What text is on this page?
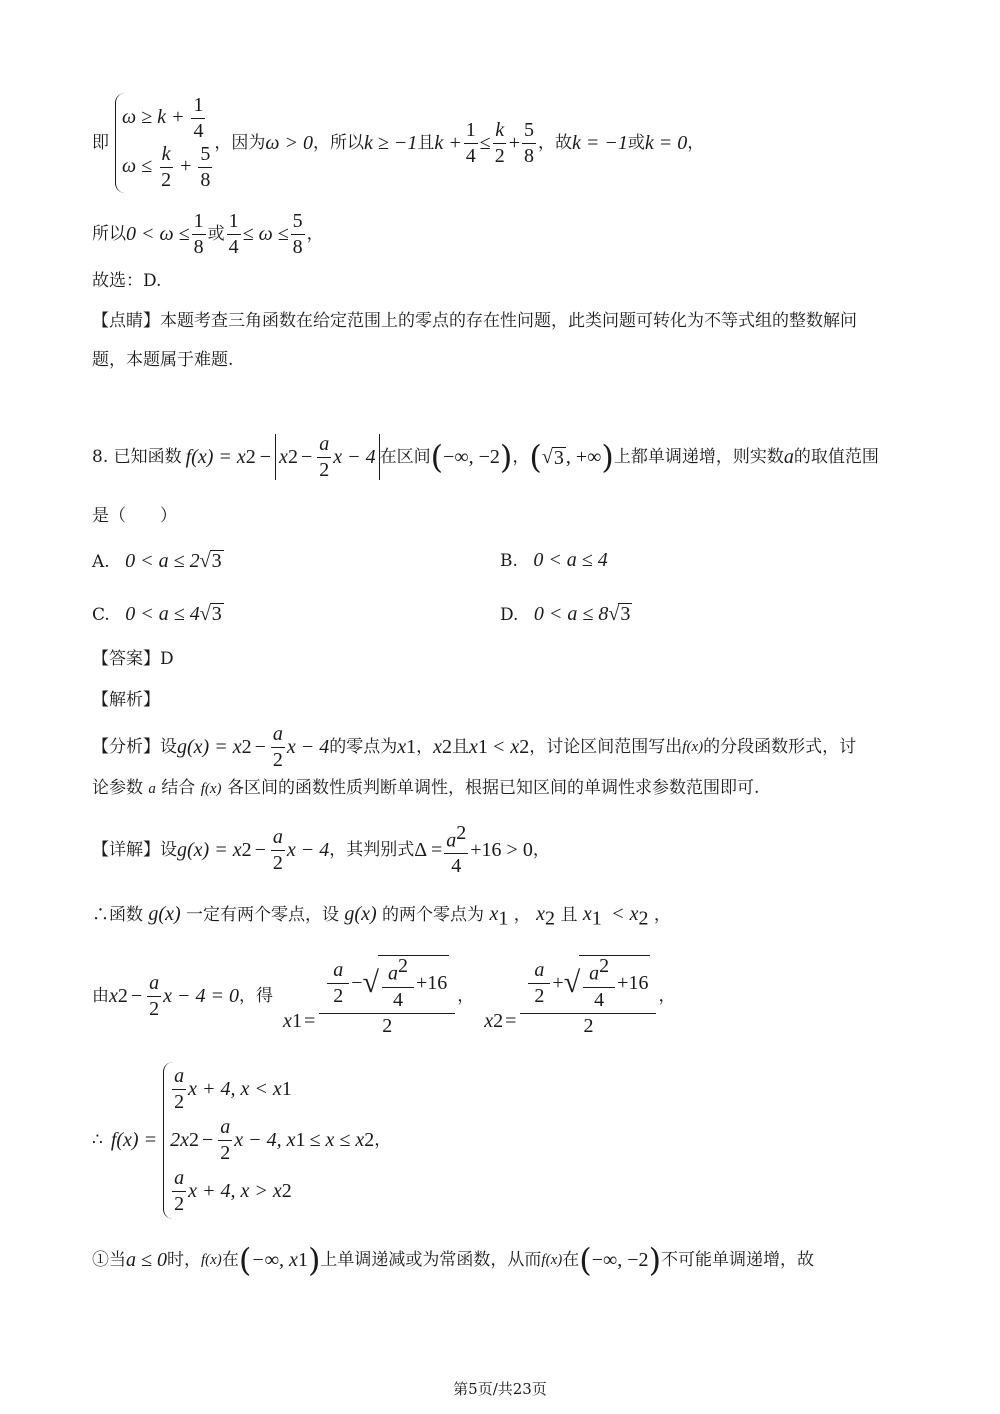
即
$\omega \ge k + \frac{1}{4}$
$\omega \le \frac{k}{2} + \frac{5}{8}$
，因为 ω > 0 ，所以 k ≥ −1 且 $k + \frac{1}{4} \le \frac{k}{2} + \frac{5}{8}$ ，故 k = −1 或 k = 0 ，
所以 $0 < \omega \le \frac{1}{8}$ 或 $\frac{1}{4} \le \omega \le \frac{5}{8}$ ，
故选：D.
【点睛】本题考查三角函数在给定范围上的零点的存在性问题，此类问题可转化为不等式组的整数解问
题，本题属于难题.
8. 已知函数 f(x) = x 2 − x $2 - \frac{a}{2}$ x − 4 在区间 ( −∞, −2 ) ， ( √ 3 , +∞ ) 上都单调递增，则实数 a 的取值范围
是（　　）
A. 0 < a ≤ 2√3	B. 0 < a ≤ 4
C. 0 < a ≤ 4√3	D. 0 < a ≤ 8√3
【答案】D
【解析】
【分析】设 g(x) = x $2 - \frac{a}{2}$ x − 4 的零点为 x 1 ， x 2 且 x 1 < x 2 ，讨论区间范围写出 f(x) 的分段函数形式，讨
论参数 a 结合 f(x) 各区间的函数性质判断单调性，根据已知区间的单调性求参数范围即可.
【详解】设 g(x) = x $2 - \frac{a}{2}$ x − 4 ，其判别式 $\Delta = \frac{a^2}{4} +16 > 0$ ，
∴函数 g(x) 一定有两个零点，设 g(x) 的两个零点为 $x_1$ ， $x_2$ 且 $x_1 < x_2$ ，
由 x $2 - \frac{a}{2}$ x − 4 = 0 ，得
x $1 = \frac{\frac{a}{2} - √ \frac{a^2}{4} +16}{2}$ ，
x $2 = \frac{\frac{a}{2} + √ \frac{a^2}{4} +16}{2}$ ，
∴ f(x) =
$\frac{a}{2}$ x + 4, x < x 1
2x $2 - \frac{a}{2}$ x − 4, x 1 ≤ x ≤ x 2
$\frac{a}{2}$ x + 4, x > x 2
，
①当 a ≤ 0 时， f(x) 在 ( −∞, x 1 ) 上单调递减或为常函数，从而 f(x) 在 ( −∞, −2 ) 不可能单调递增，故
第5页/共23页
